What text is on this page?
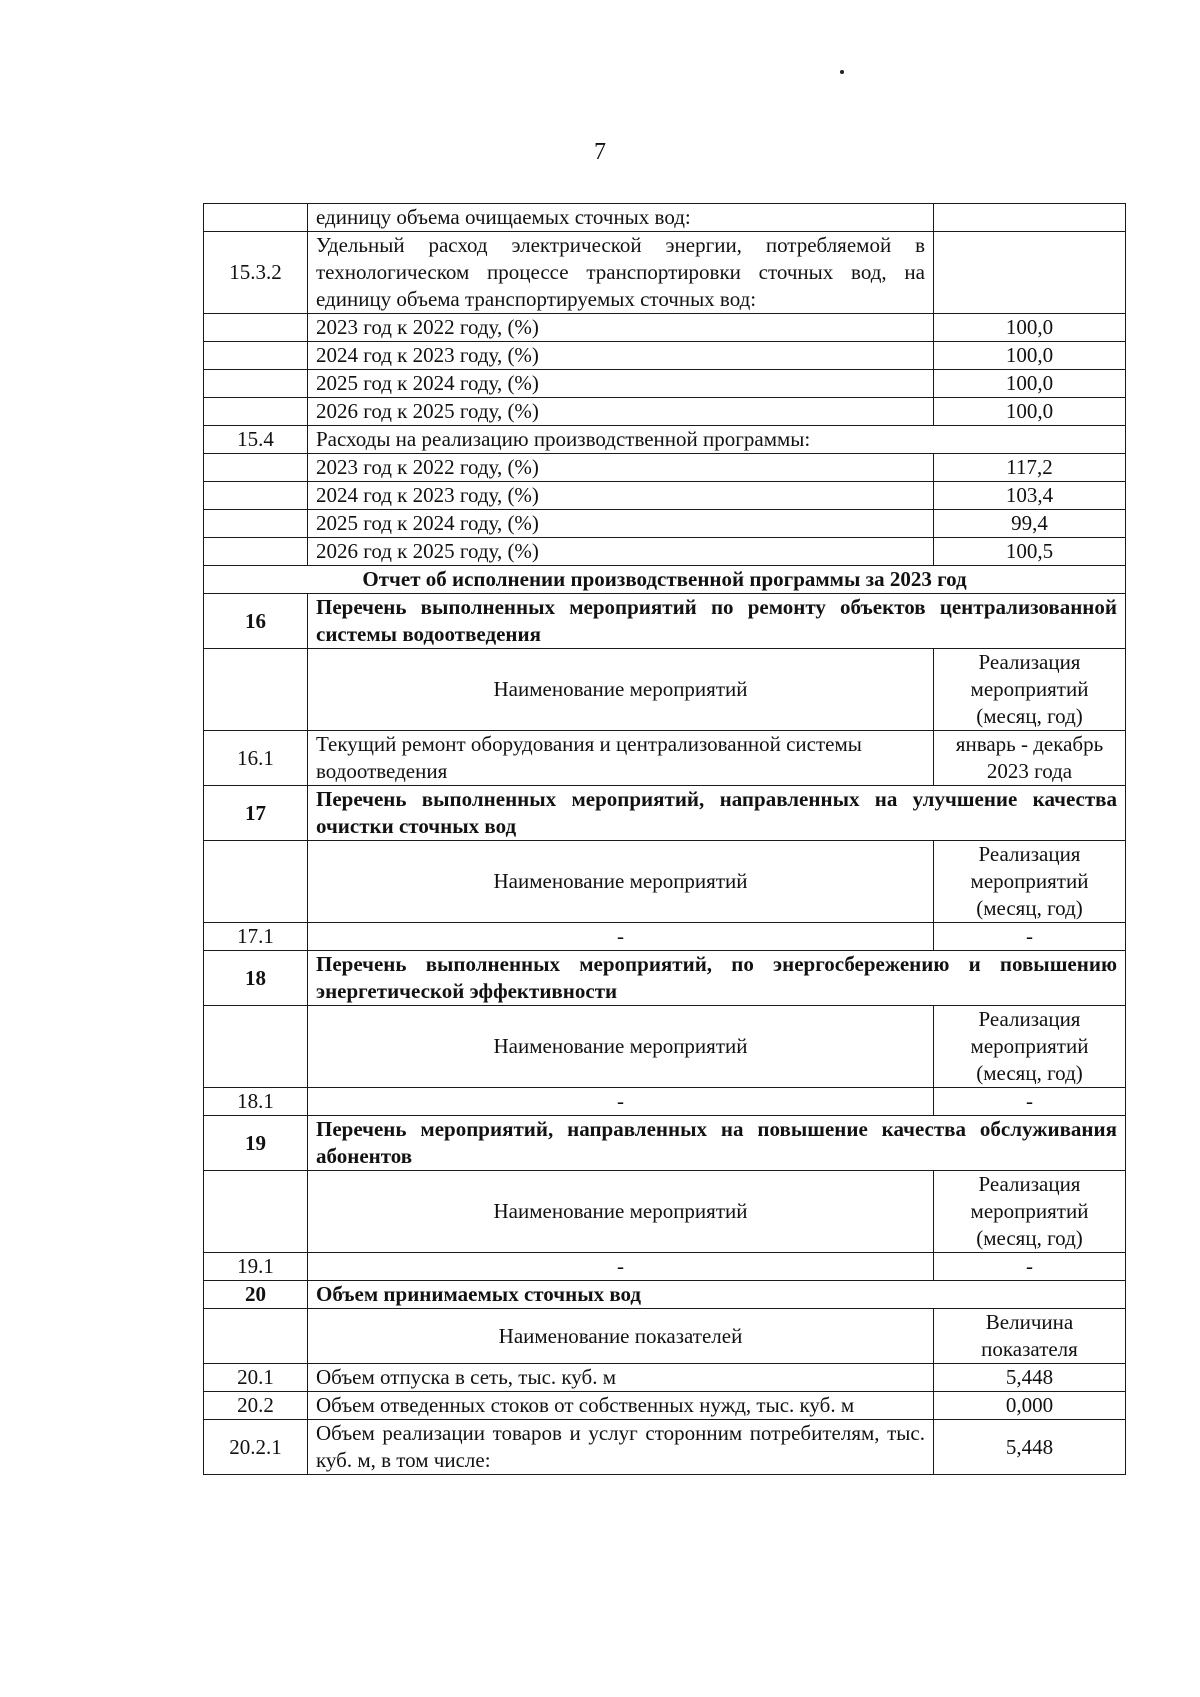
7
	единицу объема очищаемых сточных вод:	
15.3.2	Удельный расход электрической энергии, потребляемой в технологическом процессе транспортировки сточных вод, на единицу объема транспортируемых сточных вод:	
	2023 год к 2022 году, (%)	100,0
	2024 год к 2023 году, (%)	100,0
	2025 год к 2024 году, (%)	100,0
	2026 год к 2025 году, (%)	100,0
15.4	Расходы на реализацию производственной программы:	
	2023 год к 2022 году, (%)	117,2
	2024 год к 2023 году, (%)	103,4
	2025 год к 2024 году, (%)	99,4
	2026 год к 2025 году, (%)	100,5
Отчет об исполнении производственной программы за 2023 год		
16	Перечень выполненных мероприятий по ремонту объектов централизованной системы водоотведения	
	Наименование мероприятий	Реализация мероприятий (месяц, год)
16.1	Текущий ремонт оборудования и централизованной системы водоотведения	январь - декабрь 2023 года
17	Перечень выполненных мероприятий, направленных на улучшение качества очистки сточных вод	
	Наименование мероприятий	Реализация мероприятий (месяц, год)
17.1	-	-
18	Перечень выполненных мероприятий, по энергосбережению и повышению энергетической эффективности	
	Наименование мероприятий	Реализация мероприятий (месяц, год)
18.1	-	-
19	Перечень мероприятий, направленных на повышение качества обслуживания абонентов	
	Наименование мероприятий	Реализация мероприятий (месяц, год)
19.1	-	-
20	Объем принимаемых сточных вод	
	Наименование показателей	Величина показателя
20.1	Объем отпуска в сеть, тыс. куб. м	5,448
20.2	Объем отведенных стоков от собственных нужд, тыс. куб. м	0,000
20.2.1	Объем реализации товаров и услуг сторонним потребителям, тыс. куб. м, в том числе:	5,448
